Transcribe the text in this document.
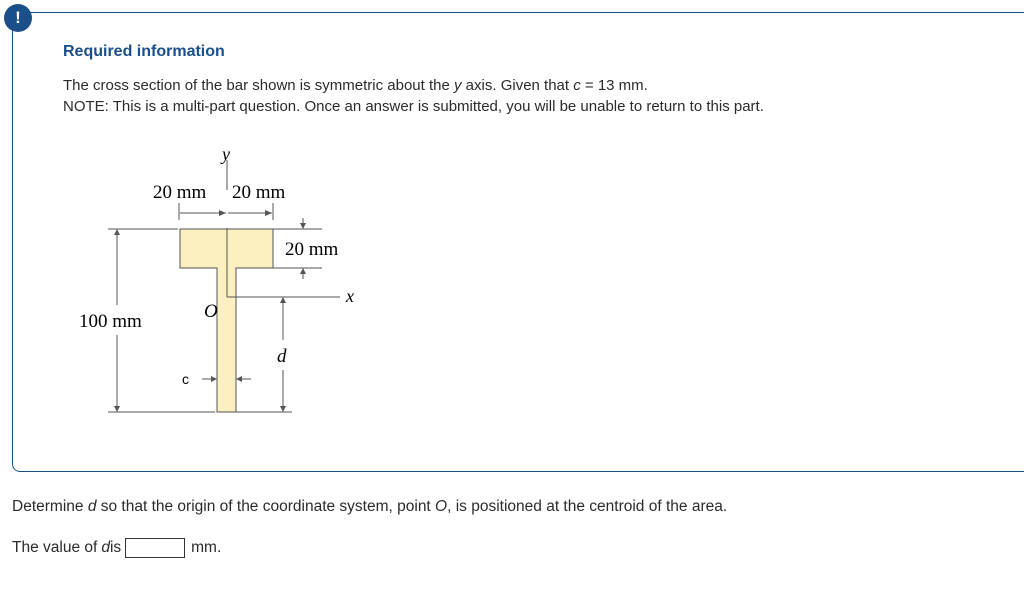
!
Required information
The cross section of the bar shown is symmetric about the y axis. Given that c = 13 mm.
NOTE: This is a multi-part question. Once an answer is submitted, you will be unable to return to this part.
y
20 mm 20 mm
x
O
20 mm
100 mm
d
c
Determine d so that the origin of the coordinate system, point O, is positioned at the centroid of the area.
The value of d is	mm.
